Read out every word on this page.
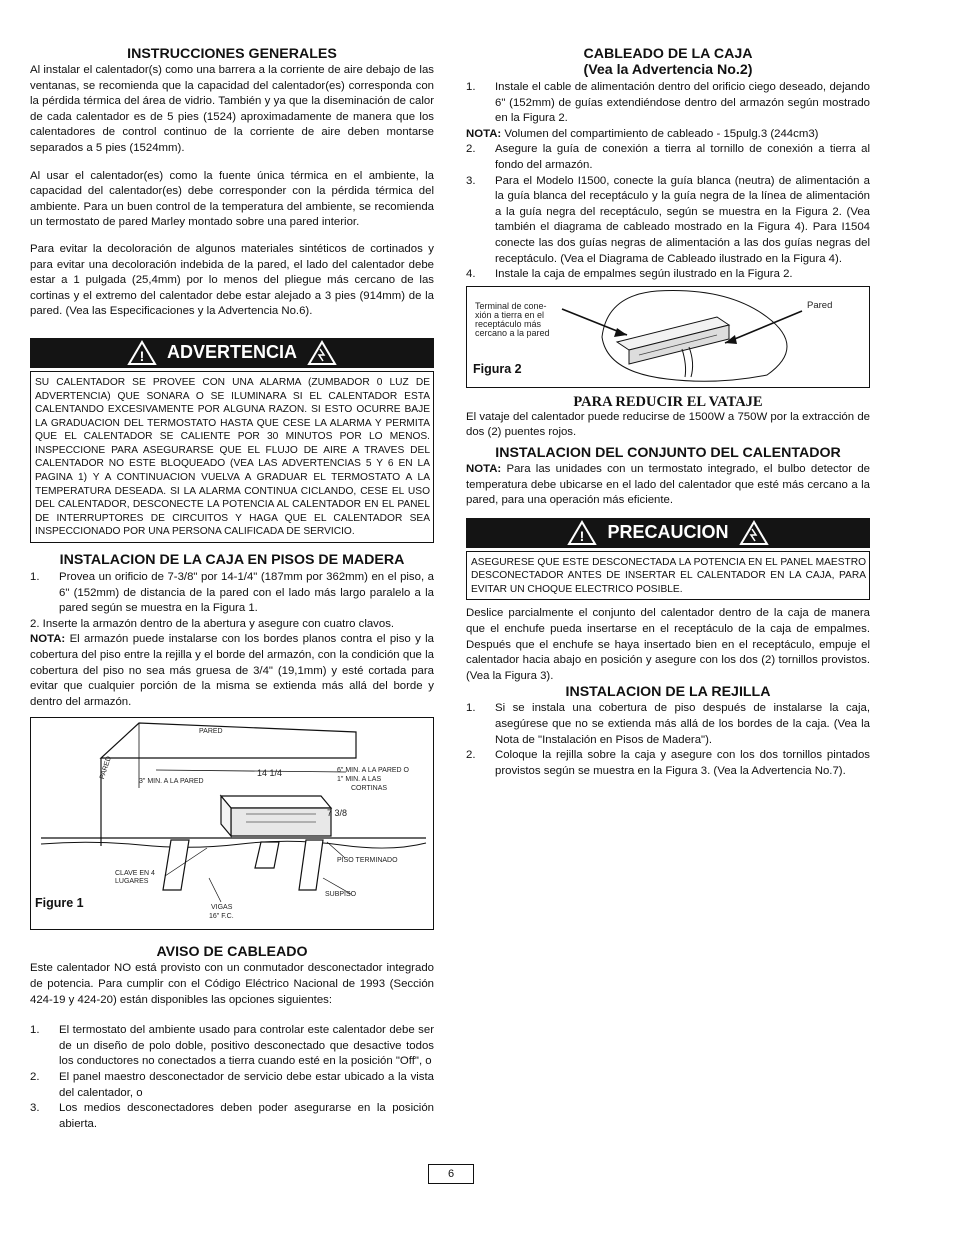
INSTRUCCIONES GENERALES

Al instalar el calentador(s) como una barrera a la corriente de aire debajo de las ventanas, se recomienda que la capacidad del calentador(es) corresponda con la pérdida térmica del área de vidrio. También y ya que la diseminación de calor de cada calentador es de 5 pies (1524) aproximadamente de manera que los calentadores de control continuo de la corriente de aire deben montarse separados a 5 pies (1524mm).

Al usar el calentador(es) como la fuente única térmica en el ambiente, la capacidad del calentador(es) debe corresponder con la pérdida térmica del ambiente. Para un buen control de la temperatura del ambiente, se recomienda un termostato de pared Marley montado sobre una pared interior.

Para evitar la decoloración de algunos materiales sintéticos de cortinados y para evitar una decoloración indebida de la pared, el lado del calentador debe estar a 1 pulgada (25,4mm) por lo menos del pliegue más cercano de las cortinas y el extremo del calentador debe estar alejado a 3 pies (914mm) de la pared. (Vea las Especificaciones y la Advertencia No.6).

! ADVERTENCIA
SU CALENTADOR SE PROVEE CON UNA ALARMA (ZUMBADOR 0 LUZ DE ADVERTENCIA) QUE SONARA O SE ILUMINARA SI EL CALENTADOR ESTA CALENTANDO EXCESIVAMENTE POR ALGUNA RAZON. SI ESTO OCURRE BAJE LA GRADUACION DEL TERMOSTATO HASTA QUE CESE LA ALARMA Y PERMITA QUE EL CALENTADOR SE CALIENTE POR 30 MINUTOS POR LO MENOS. INSPECCIONE PARA ASEGURARSE QUE EL FLUJO DE AIRE A TRAVES DEL CALENTADOR NO ESTE BLOQUEADO (VEA LAS ADVERTENCIAS 5 Y 6 EN LA PAGINA 1) Y A CONTINUACION VUELVA A GRADUAR EL TERMOSTATO A LA TEMPERATURA DESEADA. SI LA ALARMA CONTINUA CICLANDO, CESE EL USO DEL CALENTADOR, DESCONECTE LA POTENCIA AL CALENTADOR EN EL PANEL DE INTERRUPTORES DE CIRCUITOS Y HAGA QUE EL CALENTADOR SEA INSPECCIONADO POR UNA PERSONA CALIFICADA DE SERVICIO.
INSTALACION DE LA CAJA EN PISOS DE MADERA
1.	Provea un orificio de 7-3/8" por 14-1/4" (187mm por 362mm) en el piso, a 6" (152mm) de distancia de la pared con el lado más largo paralelo a la pared según se muestra en la Figura 1.

2. Inserte la armazón dentro de la abertura y asegure con cuatro clavos.

NOTA: El armazón puede instalarse con los bordes planos contra el piso y la cobertura del piso entre la rejilla y el borde del armazón, con la condición que la cobertura del piso no sea más gruesa de 3/4" (19,1mm) y esté cortada para evitar que cualquier porción de la misma se extienda más allá del borde y dentro del armazón.

PARED
PARED
3" MIN. A LA PARED
14 1/4	6" MIN. A LA PARED O
1" MIN. A LAS
CORTINAS
7 3/8
PISO TERMINADO
CLAVE EN 4
LUGARES
SUBPISO
VIGAS
16" F.C.
Figure 1
AVISO DE CABLEADO

Este calentador NO está provisto con un conmutador desconectador integrado de potencia. Para cumplir con el Código Eléctrico Nacional de 1993 (Sección 424-19 y 424-20) están disponibles las opciones siguientes:

1.	El termostato del ambiente usado para controlar este calentador debe ser de un diseño de polo doble, positivo desconectado que desactive todos los conductores no conectados a tierra cuando esté en la posición "Off", o
2.	El panel maestro desconectador de servicio debe estar ubicado a la vista del calentador, o
3.	Los medios desconectadores deben poder asegurarse en la posición abierta.
CABLEADO DE LA CAJA
(Vea la Advertencia No.2)
1.	Instale el cable de alimentación dentro del orificio ciego deseado, dejando 6" (152mm) de guías extendiéndose dentro del armazón según mostrado en la Figura 2.

NOTA: Volumen del compartimiento de cableado - 15pulg.3 (244cm3)

2.	Asegure la guía de conexión a tierra al tornillo de conexión a tierra al fondo del armazón.
3.	Para el Modelo I1500, conecte la guía blanca (neutra) de alimentación a la guía blanca del receptáculo y la guía negra de la línea de alimentación a la guía negra del receptáculo, según se muestra en la Figura 2. (Vea también el diagrama de cableado mostrado en la Figura 4). Para I1504 conecte las dos guías negras de alimentación a las dos guías negras del receptáculo. (Vea el Diagrama de Cableado ilustrado en la Figura 4).
4.	Instale la caja de empalmes según ilustrado en la Figura 2.
Terminal de cone-
xión a tierra en el
receptáculo más
cercano a la pared
Pared
Figura 2
PARA REDUCIR EL VATAJE

El vataje del calentador puede reducirse de 1500W a 750W por la extracción de dos (2) puentes rojos.

INSTALACION DEL CONJUNTO DEL CALENTADOR

NOTA: Para las unidades con un termostato integrado, el bulbo detector de temperatura debe ubicarse en el lado del calentador que esté más cercano a la pared, para una operación más eficiente.

! PRECAUCION
ASEGURESE QUE ESTE DESCONECTADA LA POTENCIA EN EL PANEL MAESTRO DESCONECTADOR ANTES DE INSERTAR EL CALENTADOR EN LA CAJA, PARA EVITAR UN CHOQUE ELECTRICO POSIBLE.

Deslice parcialmente el conjunto del calentador dentro de la caja de manera que el enchufe pueda insertarse en el receptáculo de la caja de empalmes. Después que el enchufe se haya insertado bien en el receptáculo, empuje el calentador hacia abajo en posición y asegure con los dos (2) tornillos provistos. (Vea la Figura 3).

INSTALACION DE LA REJILLA
1.	Si se instala una cobertura de piso después de instalarse la caja, asegúrese que no se extienda más allá de los bordes de la caja. (Vea la Nota de "Instalación en Pisos de Madera").
2.	Coloque la rejilla sobre la caja y asegure con los dos tornillos pintados provistos según se muestra en la Figura 3. (Vea la Advertencia No.7).
6
